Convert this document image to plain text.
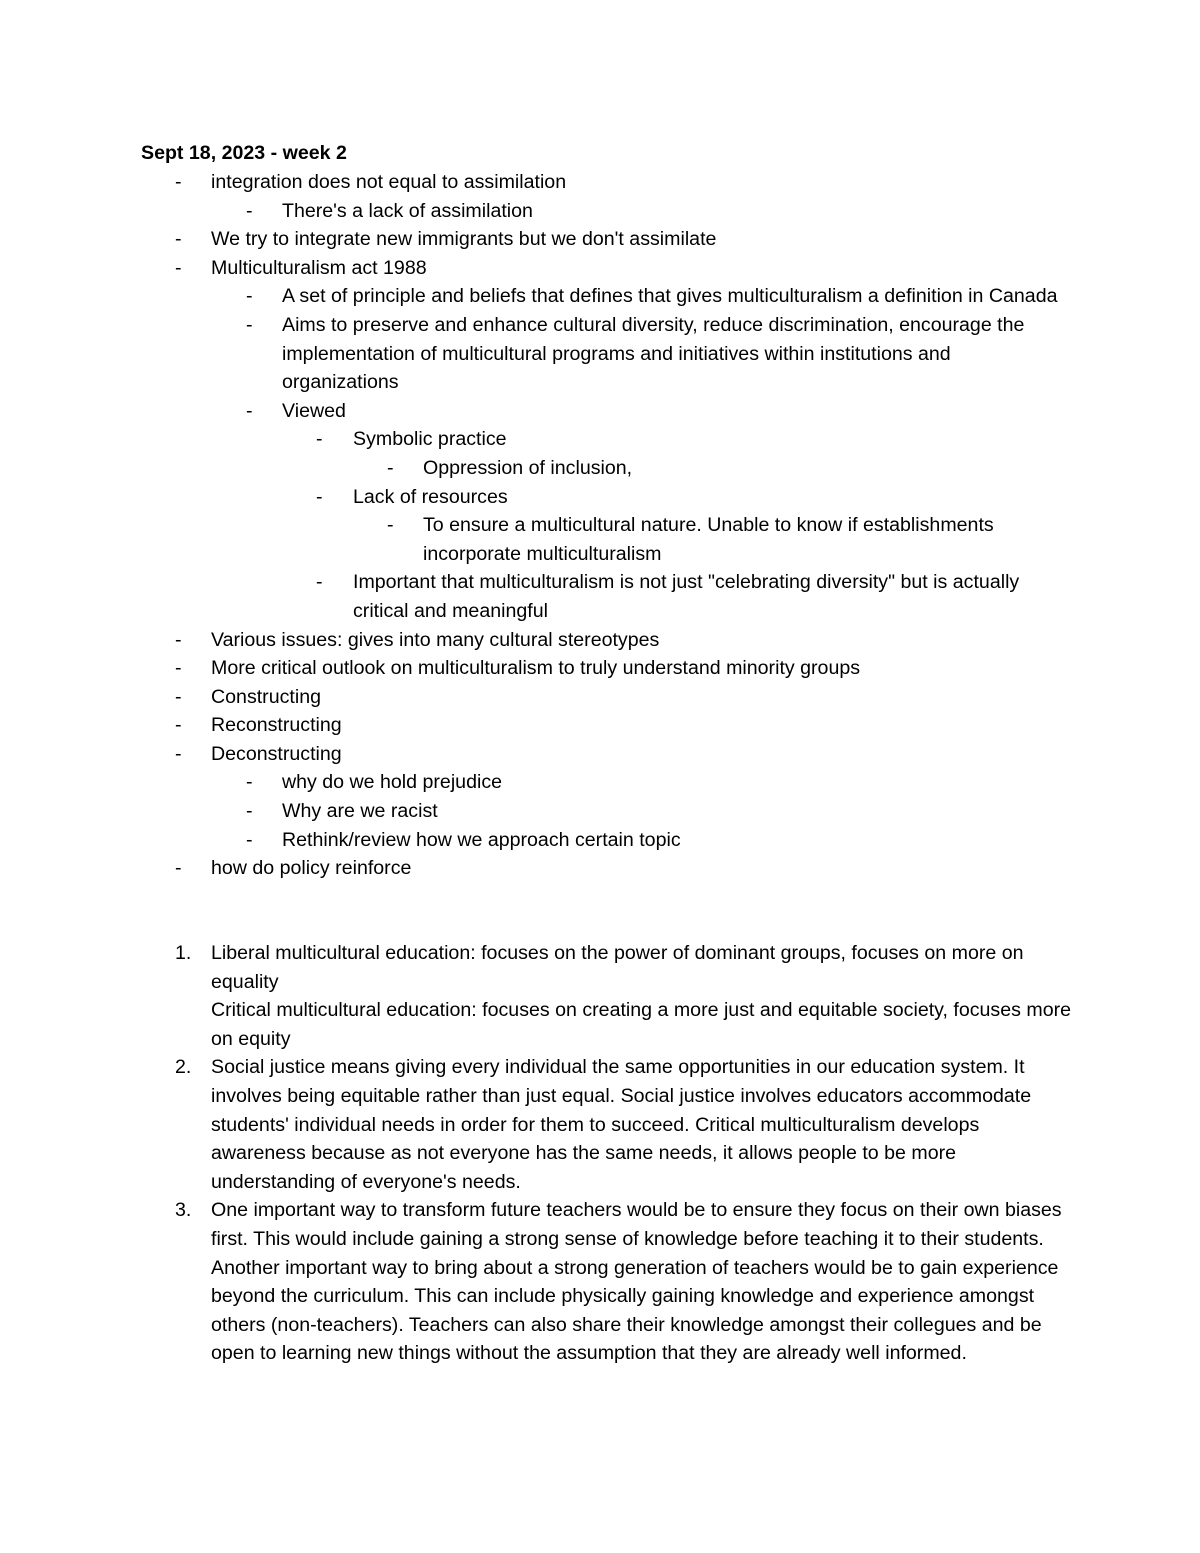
Sept 18, 2023 - week 2
- integration does not equal to assimilation
- There's a lack of assimilation
- We try to integrate new immigrants but we don't assimilate
- Multiculturalism act 1988
- A set of principle and beliefs that defines that gives multiculturalism a definition in Canada
- Aims to preserve and enhance cultural diversity, reduce discrimination, encourage the implementation of multicultural programs and initiatives within institutions and organizations
- Viewed
- Symbolic practice
- Oppression of inclusion,
- Lack of resources
- To ensure a multicultural nature. Unable to know if establishments incorporate multiculturalism
- Important that multiculturalism is not just "celebrating diversity" but is actually critical and meaningful
- Various issues: gives into many cultural stereotypes
- More critical outlook on multiculturalism to truly understand minority groups
- Constructing
- Reconstructing
- Deconstructing
- why do we hold prejudice
- Why are we racist
- Rethink/review how we approach certain topic
- how do policy reinforce
1. Liberal multicultural education: focuses on the power of dominant groups, focuses on more on equality
Critical multicultural education: focuses on creating a more just and equitable society, focuses more on equity
2. Social justice means giving every individual the same opportunities in our education system. It involves being equitable rather than just equal. Social justice involves educators accommodate students' individual needs in order for them to succeed. Critical multiculturalism develops awareness because as not everyone has the same needs, it allows people to be more understanding of everyone's needs.
3. One important way to transform future teachers would be to ensure they focus on their own biases first. This would include gaining a strong sense of knowledge before teaching it to their students. Another important way to bring about a strong generation of teachers would be to gain experience beyond the curriculum. This can include physically gaining knowledge and experience amongst others (non-teachers). Teachers can also share their knowledge amongst their collegues and be open to learning new things without the assumption that they are already well informed.
